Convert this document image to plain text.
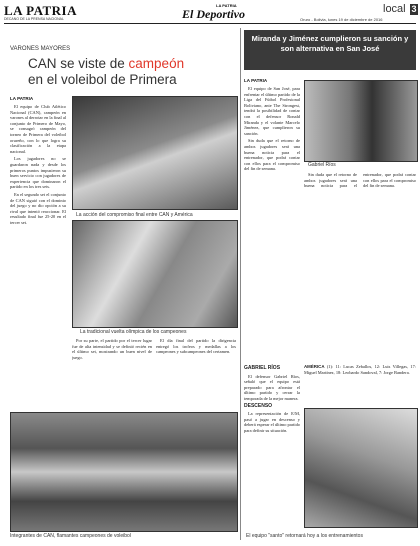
LA PATRIA
DECANO DE LA PRENSA NACIONAL
LA PATRIA
El Deportivo	local 3
Oruro - Bolivia, lunes 19 de diciembre de 2016
VARONES MAYORES
CAN se viste de campeón
en el voleibol de Primera
LA PATRIA

El equipo de Club Atlético Nacional (CAN), campeón en varones al derrotar en la final al conjunto de Primero de Mayo, se consagró campeón del torneo de Primera del voleibol orureño, con lo que logra su clasificación a la etapa nacional.

Los jugadores no se guardaron nada y desde los primeros puntos impusieron su buen servicio con jugadores de experiencia que dominaron el partido en los tres sets.

En el segundo set el conjunto de CAN siguió con el dominio del juego y no dio opción a su rival que intentó reaccionar. El resultado final fue 25-20 en el tercer set.

La acción del compromiso final entre CAN y América
La tradicional vuelta olímpica de los campeones

Por su parte, el partido por el tercer lugar fue de alta intensidad y se definió recién en el último set, mostrando un buen nivel de juego.

El día final del partido la dirigencia entregó los trofeos y medallas a los campeones y subcampeones del certamen.

Integrantes de CAN, flamantes campeones de voleibol
Miranda y Jiménez cumplieron su sanción y son alternativa en San José
LA PATRIA

El equipo de San José, para enfrentar el último partido de la Liga del Fútbol Profesional Boliviano, ante The Strongest, tendrá la posibilidad de contar con el defensor Ronald Miranda y el volante Marcelo Jiménez, que cumplieron su sanción.

Sin duda que el retorno de ambos jugadores será una buena noticia para el entrenador, que podrá contar con ellos para el compromiso del fin de semana.

Gabriel Ríos

Sin duda que el retorno de ambos jugadores será una buena noticia para el entrenador, que podrá contar con ellos para el compromiso del fin de semana.

GABRIEL RÍOS

El defensor Gabriel Ríos, señaló que el equipo está preparado para afrontar el último partido y cerrar la temporada de la mejor manera.

DESCENSO

La representación de E/M, pasó a jugar en descenso y deberá esperar el último partido para definir su situación.

AMÉRICA (1): 11: Lucas Zeballos, 12: Luis Villegas, 17: Miguel Martínez, 18: Leobardo Sandoval, 7: Jorge Bandera.
El equipo "santo" retornará hoy a los entrenamientos
